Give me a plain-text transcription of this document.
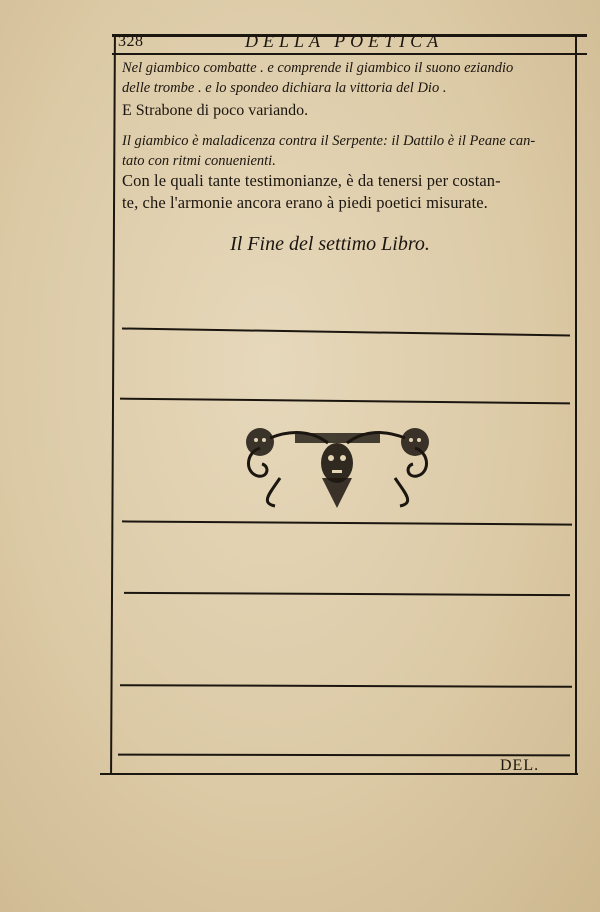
328	DELLA POETICA
Nel giambico combatte . e comprende il giambico il suono eziandio
delle trombe . e lo spondeo dichiara la vittoria del Dio .
E Strabone di poco variando.
Il giambico è maladicenza contra il Serpente: il Dattilo è il Peane can-
tato con ritmi conuenienti.
Con le quali tante testimonianze, è da tenersi per costan-
te, che l'armonie ancora erano à piedi poetici misurate.
Il Fine del settimo Libro.
DEL.
